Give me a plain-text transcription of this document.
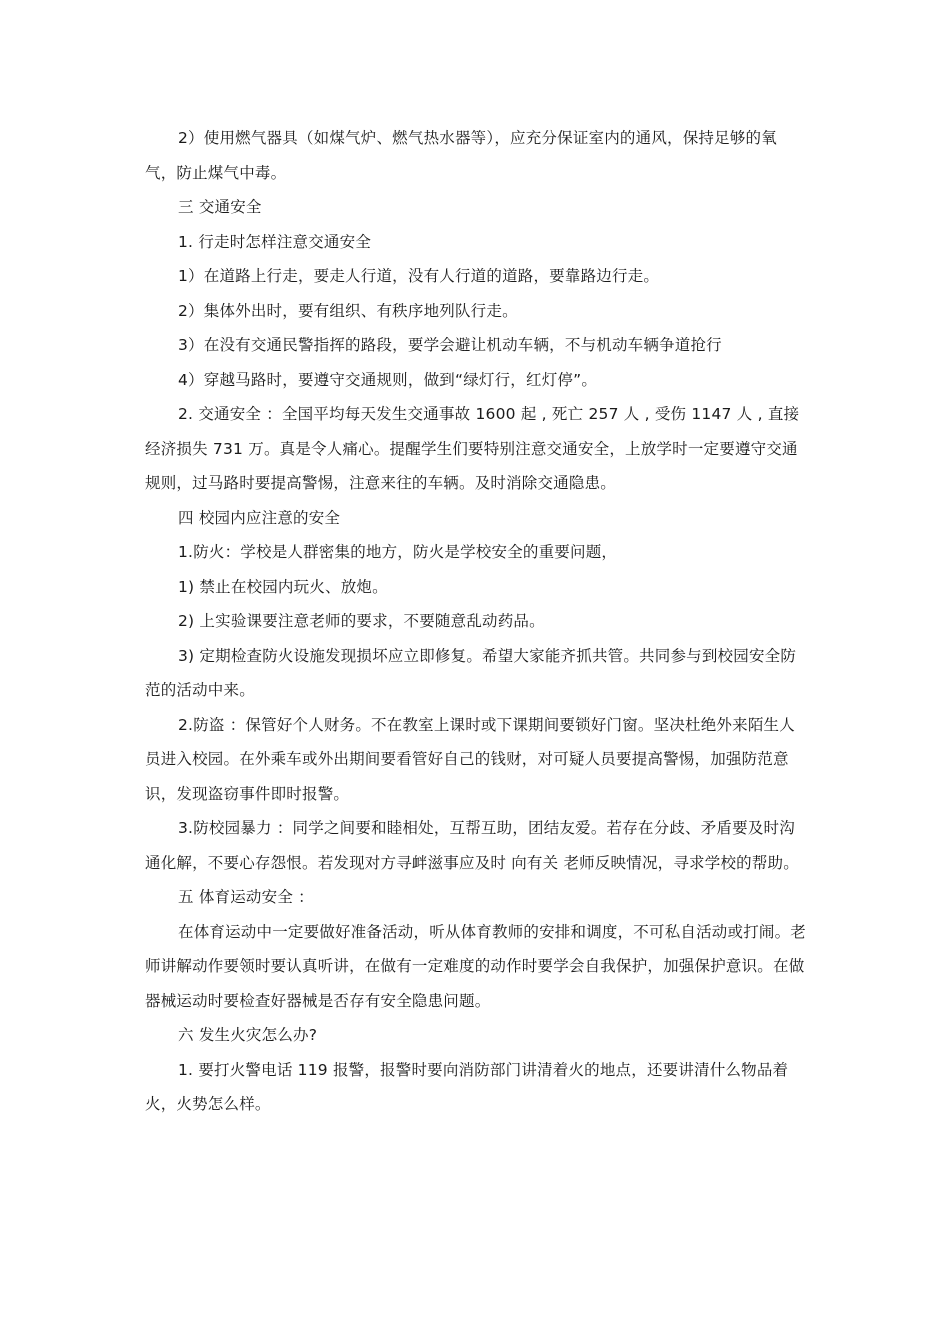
2）使用燃气器具（如煤气炉、燃气热水器等），应充分保证室内的通风，保持足够的氧气，防止煤气中毒。

三 交通安全

1. 行走时怎样注意交通安全

1）在道路上行走，要走人行道，没有人行道的道路，要靠路边行走。

2）集体外出时，要有组织、有秩序地列队行走。

3）在没有交通民警指挥的路段，要学会避让机动车辆，不与机动车辆争道抢行

4）穿越马路时，要遵守交通规则，做到“绿灯行，红灯停”。

2. 交通安全 ：全国平均每天发生交通事故 1600 起 , 死亡 257 人 , 受伤 1147 人 , 直接经济损失 731 万。真是令人痛心。提醒学生们要特别注意交通安全，上放学时一定要遵守交通规则，过马路时要提高警惕，注意来往的车辆。及时消除交通隐患。

四 校园内应注意的安全

1.防火：学校是人群密集的地方，防火是学校安全的重要问题，

1) 禁止在校园内玩火、放炮。

2) 上实验课要注意老师的要求，不要随意乱动药品。

3) 定期检查防火设施发现损坏应立即修复。希望大家能齐抓共管。共同参与到校园安全防范的活动中来。

2.防盗 ：保管好个人财务。不在教室上课时或下课期间要锁好门窗。坚决杜绝外来陌生人员进入校园。在外乘车或外出期间要看管好自己的钱财，对可疑人员要提高警惕，加强防范意识，发现盗窃事件即时报警。

3.防校园暴力 ：同学之间要和睦相处，互帮互助，团结友爱。若存在分歧、矛盾要及时沟通化解，不要心存怨恨。若发现对方寻衅滋事应及时 向有关 老师反映情况，寻求学校的帮助。

五 体育运动安全 ：

在体育运动中一定要做好准备活动，听从体育教师的安排和调度，不可私自活动或打闹。老师讲解动作要领时要认真听讲，在做有一定难度的动作时要学会自我保护，加强保护意识。在做器械运动时要检查好器械是否存有安全隐患问题。

六 发生火灾怎么办?

1. 要打火警电话 119 报警，报警时要向消防部门讲清着火的地点，还要讲清什么物品着火，火势怎么样。
